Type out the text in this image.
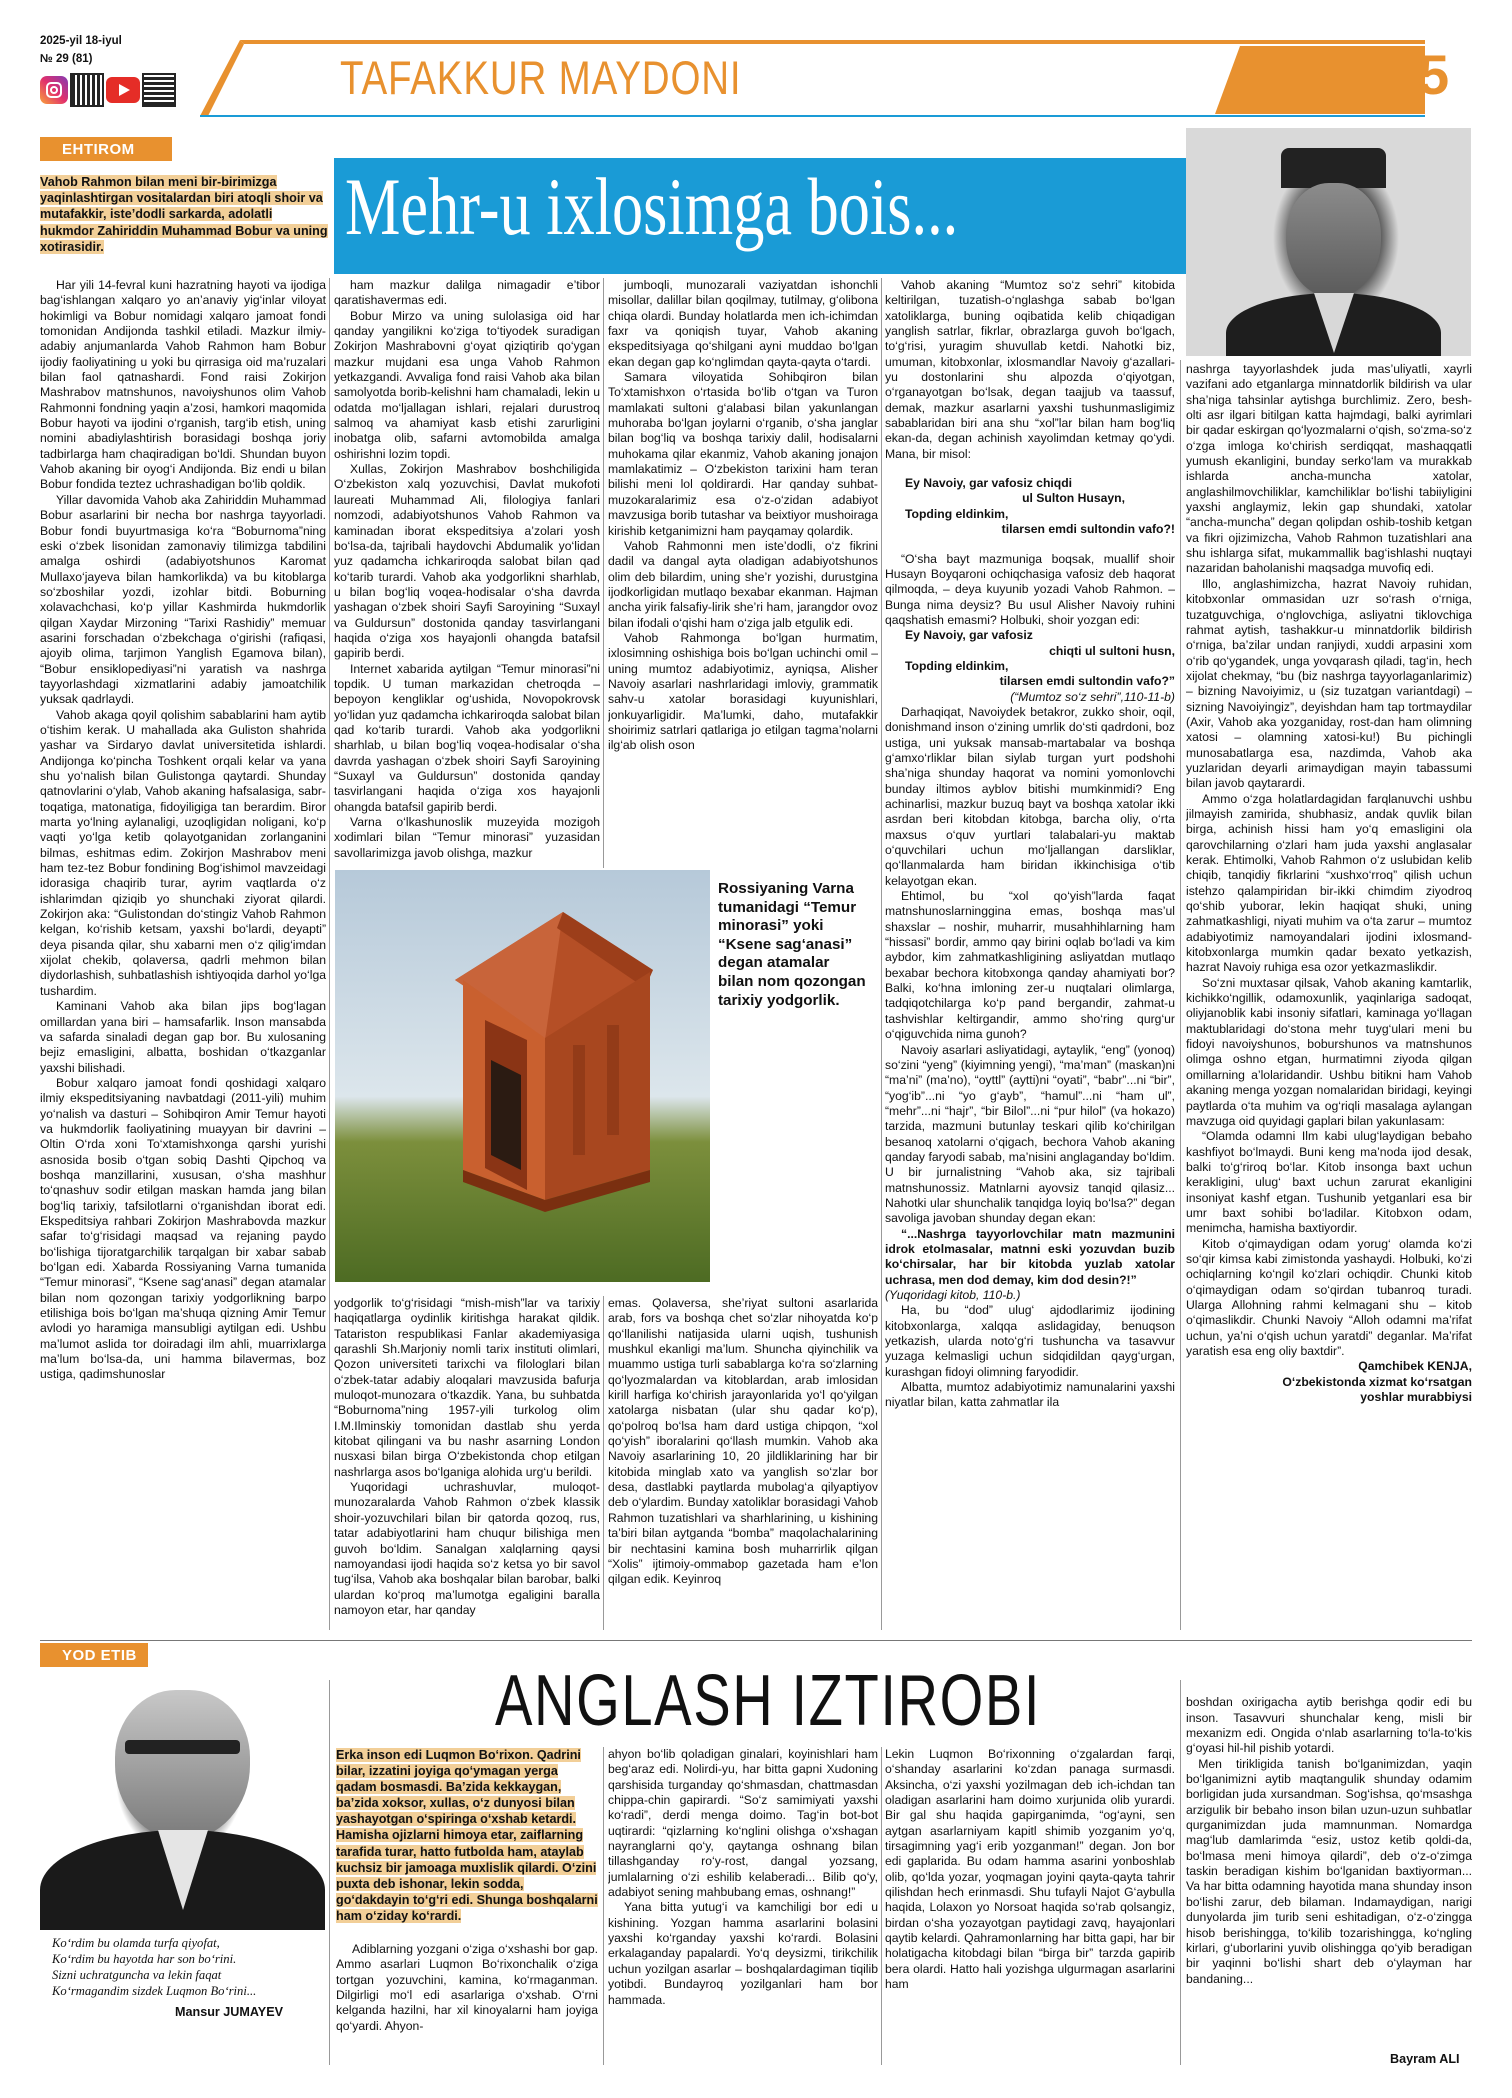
2025-yil 18-iyul
№ 29 (81)	TAFAKKUR MAYDONI	Jadid	5
EHTIROM
Vahob Rahmon bilan meni bir-birimizga yaqinlashtirgan vositalardan biri atoqli shoir va mutafakkir, iste’dodli sarkarda, adolatli hukmdor Zahiriddin Muhammad Bobur va uning xotirasidir.	Mehr-u ixlosimga bois...

Har yili 14-fevral kuni hazratning hayoti va ijodiga bag‘ishlangan xalqaro yo an’anaviy yig‘inlar viloyat hokimligi va Bobur nomidagi xalqaro jamoat fondi tomonidan Andijonda tashkil etiladi. Mazkur ilmiy-adabiy anjumanlarda Vahob Rahmon ham Bobur ijodiy faoliyatining u yoki bu qirrasiga oid ma’ruzalari bilan faol qatnashardi. Fond raisi Zokirjon Mashrabov matnshunos, navoiyshunos olim Vahob Rahmonni fondning yaqin a’zosi, hamkori maqomida Bobur hayoti va ijodini o‘rganish, targ‘ib etish, uning nomini abadiylashtirish borasidagi boshqa joriy tadbirlarga ham chaqiradigan bo‘ldi. Shundan buyon Vahob akaning bir oyog‘i Andijonda. Biz endi u bilan Bobur fondida teztez uchrashadigan bo‘lib qoldik.

Yillar davomida Vahob aka Zahiriddin Muhammad Bobur asarlarini bir necha bor nashrga tayyorladi. Bobur fondi buyurtmasiga ko‘ra “Boburnoma”ning eski o‘zbek lisonidan zamonaviy tilimizga tabdilini amalga oshirdi (adabiyotshunos Karomat Mullaxo‘jayeva bilan hamkorlikda) va bu kitoblarga so‘zboshilar yozdi, izohlar bitdi. Boburning xolavachchasi, ko‘p yillar Kashmirda hukmdorlik qilgan Xaydar Mirzoning “Tarixi Rashidiy” memuar asarini forschadan o‘zbekchaga o‘girishi (rafiqasi, ajoyib olima, tarjimon Yanglish Egamova bilan), “Bobur ensiklopediyasi”ni yaratish va nashrga tayyorlashdagi xizmatlarini adabiy jamoatchilik yuksak qadrlaydi.

Vahob akaga qoyil qolishim sabablarini ham aytib o‘tishim kerak. U mahallada aka Guliston shahrida yashar va Sirdaryo davlat universitetida ishlardi. Andijonga ko‘pincha Toshkent orqali kelar va yana shu yo‘nalish bilan Gulistonga qaytardi. Shunday qatnovlarini o‘ylab, Vahob akaning hafsalasiga, sabr-toqatiga, matonatiga, fidoyiligiga tan berardim. Biror marta yo‘lning aylanaligi, uzoqligidan noligani, ko‘p vaqti yo‘lga ketib qolayotganidan zorlanganini bilmas, eshitmas edim. Zokirjon Mashrabov meni ham tez-tez Bobur fondining Bog‘ishimol mavzeidagi idorasiga chaqirib turar, ayrim vaqtlarda o‘z ishlarimdan qiziqib yo shunchaki ziyorat qilardi. Zokirjon aka: “Gulistondan do‘stingiz Vahob Rahmon kelgan, ko‘rishib ketsam, yaxshi bo‘lardi, deyapti” deya pisanda qilar, shu xabarni men o‘z qilig‘imdan xijolat chekib, qolaversa, qadrli mehmon bilan diydorlashish, suhbatlashish ishtiyoqida darhol yo‘lga tushardim.

Kaminani Vahob aka bilan jips bog‘lagan omillardan yana biri – hamsafarlik. Inson mansabda va safarda sinaladi degan gap bor. Bu xulosaning bejiz emasligini, albatta, boshidan o‘tkazganlar yaxshi bilishadi.

Bobur xalqaro jamoat fondi qoshidagi xalqaro ilmiy ekspeditsiyaning navbatdagi (2011-yili) muhim yo‘nalish va dasturi – Sohibqiron Amir Temur hayoti va hukmdorlik faoliyatining muayyan bir davrini – Oltin O‘rda xoni To‘xtamishxonga qarshi yurishi asnosida bosib o‘tgan sobiq Dashti Qipchoq va boshqa manzillarini, xususan, o‘sha mashhur to‘qnashuv sodir etilgan maskan hamda jang bilan bog‘liq tarixiy, tafsilotlarni o‘rganishdan iborat edi. Ekspeditsiya rahbari Zokirjon Mashrabovda mazkur safar to‘g‘risidagi maqsad va rejaning paydo bo‘lishiga tijoratgarchilik tarqalgan bir xabar sabab bo‘lgan edi. Xabarda Rossiyaning Varna tumanida “Temur minorasi”, “Ksene sag‘anasi” degan atamalar bilan nom qozongan tarixiy yodgorlikning barpo etilishiga bois bo‘lgan ma’shuqa qizning Amir Temur avlodi yo haramiga mansubligi aytilgan edi. Ushbu ma’lumot aslida tor doiradagi ilm ahli, muarrixlarga ma’lum bo‘lsa-da, uni hamma bilavermas, boz ustiga, qadimshunoslar

ham mazkur dalilga nimagadir e’tibor qaratishavermas edi.

Bobur Mirzo va uning sulolasiga oid har qanday yangilikni ko‘ziga to‘tiyodek suradigan Zokirjon Mashrabovni g‘oyat qiziqtirib qo‘ygan mazkur mujdani esa unga Vahob Rahmon yetkazgandi. Avvaliga fond raisi Vahob aka bilan samolyotda borib-kelishni ham chamaladi, lekin u odatda mo‘ljallagan ishlari, rejalari durustroq salmoq va ahamiyat kasb etishi zarurligini inobatga olib, safarni avtomobilda amalga oshirishni lozim topdi.

Xullas, Zokirjon Mashrabov boshchiligida O‘zbekiston xalq yozuvchisi, Davlat mukofoti laureati Muhammad Ali, filologiya fanlari nomzodi, adabiyotshunos Vahob Rahmon va kaminadan iborat ekspeditsiya a’zolari yosh bo‘lsa-da, tajribali haydovchi Abdumalik yo‘lidan yuz qadamcha ichkariroqda salobat bilan qad ko‘tarib turardi. Vahob aka yodgorlikni sharhlab, u bilan bog‘liq voqea-hodisalar o‘sha davrda yashagan o‘zbek shoiri Sayfi Saroyining “Suxayl va Guldursun” dostonida qanday tasvirlangani haqida o‘ziga xos hayajonli ohangda batafsil gapirib berdi.

Internet xabarida aytilgan “Temur minorasi”ni topdik. U tuman markazidan chetroqda – bepoyon kengliklar og‘ushida, Novopokrovsk yo‘lidan yuz qadamcha ichkariroqda salobat bilan qad ko‘tarib turardi. Vahob aka yodgorlikni sharhlab, u bilan bog‘liq voqea-hodisalar o‘sha davrda yashagan o‘zbek shoiri Sayfi Saroyining “Suxayl va Guldursun” dostonida qanday tasvirlangani haqida o‘ziga xos hayajonli ohangda batafsil gapirib berdi.

Varna o‘lkashunoslik muzeyida mozigoh xodimlari bilan “Temur minorasi” yuzasidan savollarimizga javob olishga, mazkur

jumboqli, munozarali vaziyatdan ishonchli misollar, dalillar bilan qoqilmay, tutilmay, g‘olibona chiqa olardi. Bunday holatlarda men ich-ichimdan faxr va qoniqish tuyar, Vahob akaning ekspeditsiyaga qo‘shilgani ayni muddao bo‘lgan ekan degan gap ko‘nglimdan qayta-qayta o‘tardi.

Samara viloyatida Sohibqiron bilan To‘xtamishxon o‘rtasida bo‘lib o‘tgan va Turon mamlakati sultoni g‘alabasi bilan yakunlangan muhoraba bo‘lgan joylarni o‘rganib, o‘sha janglar bilan bog‘liq va boshqa tarixiy dalil, hodisalarni muhokama qilar ekanmiz, Vahob akaning jonajon mamlakatimiz – O‘zbekiston tarixini ham teran bilishi meni lol qoldirardi. Har qanday suhbat-muzokaralarimiz esa o‘z-o‘zidan adabiyot mavzusiga borib tutashar va beixtiyor mushoiraga kirishib ketganimizni ham payqamay qolardik.

Vahob Rahmonni men iste’dodli, o‘z fikrini dadil va dangal ayta oladigan adabiyotshunos olim deb bilardim, uning she’r yozishi, durustgina ijodkorligidan mutlaqo bexabar ekanman. Hajman ancha yirik falsafiy-lirik she’ri ham, jarangdor ovoz bilan ifodali o‘qishi ham o‘ziga jalb etgulik edi.

Vahob Rahmonga bo‘lgan hurmatim, ixlosimning oshishiga bois bo‘lgan uchinchi omil – uning mumtoz adabiyotimiz, ayniqsa, Alisher Navoiy asarlari nashrlaridagi imloviy, grammatik sahv-u xatolar borasidagi kuyunishlari, jonkuyarligidir. Ma’lumki, daho, mutafakkir shoirimiz satrlari qatlariga jo etilgan tagma’nolarni ilg‘ab olish oson

Rossiyaning Varna tumanidagi “Temur minorasi” yoki “Ksene sag‘anasi” degan atamalar bilan nom qozongan tarixiy yodgorlik.

yodgorlik to‘g‘risidagi “mish-mish”lar va tarixiy haqiqatlarga oydinlik kiritishga harakat qildik. Tatariston respublikasi Fanlar akademiyasiga qarashli Sh.Marjoniy nomli tarix instituti olimlari, Qozon universiteti tarixchi va filologlari bilan o‘zbek-tatar adabiy aloqalari mavzusida bafurja muloqot-munozara o‘tkazdik. Yana, bu suhbatda “Boburnoma”ning 1957-yili turkolog olim I.M.Ilminskiy tomonidan dastlab shu yerda kitobat qilingani va bu nashr asarning London nusxasi bilan birga O‘zbekistonda chop etilgan nashrlarga asos bo‘lganiga alohida urg‘u berildi.

Yuqoridagi uchrashuvlar, muloqot-munozaralarda Vahob Rahmon o‘zbek klassik shoir-yozuvchilari bilan bir qatorda qozoq, rus, tatar adabiyotlarini ham chuqur bilishiga men guvoh bo‘ldim. Sanalgan xalqlarning qaysi namoyandasi ijodi haqida so‘z ketsa yo bir savol tug‘ilsa, Vahob aka boshqalar bilan barobar, balki ulardan ko‘proq ma’lumotga egaligini baralla namoyon etar, har qanday

emas. Qolaversa, she’riyat sultoni asarlarida arab, fors va boshqa chet so‘zlar nihoyatda ko‘p qo‘llanilishi natijasida ularni uqish, tushunish mushkul ekanligi ma’lum. Shuncha qiyinchilik va muammo ustiga turli sabablarga ko‘ra so‘zlarning qo‘lyozmalardan va kitoblardan, arab imlosidan kirill harfiga ko‘chirish jarayonlarida yo‘l qo‘yilgan xatolarga nisbatan (ular shu qadar ko‘p), qo‘polroq bo‘lsa ham dard ustiga chipqon, “xol qo‘yish” iboralarini qo‘llash mumkin. Vahob aka Navoiy asarlarining 10, 20 jildliklarining har bir kitobida minglab xato va yanglish so‘zlar bor desa, dastlabki paytlarda mubolag‘a qilyaptiyov deb o‘ylardim. Bunday xatoliklar borasidagi Vahob Rahmon tuzatishlari va sharhlarining, u kishining ta’biri bilan aytganda “bomba” maqolachalarining bir nechtasini kamina bosh muharrirlik qilgan “Xolis” ijtimoiy-ommabop gazetada ham e’lon qilgan edik. Keyinroq

Vahob akaning “Mumtoz so‘z sehri” kitobida keltirilgan, tuzatish-o‘nglashga sabab bo‘lgan xatoliklarga, buning oqibatida kelib chiqadigan yanglish satrlar, fikrlar, obrazlarga guvoh bo‘lgach, to‘g‘risi, yuragim shuvullab ketdi. Nahotki biz, umuman, kitobxonlar, ixlosmandlar Navoiy g‘azallari-yu dostonlarini shu alpozda o‘qiyotgan, o‘rganayotgan bo‘lsak, degan taajjub va taassuf, demak, mazkur asarlarni yaxshi tushunmasligimiz sabablaridan biri ana shu “xol”lar bilan ham bog‘liq ekan-da, degan achinish xayolimdan ketmay qo‘ydi. Mana, bir misol:

Ey Navoiy, gar vafosiz chiqdi

ul Sulton Husayn,

Topding eldinkim,

tilarsen emdi sultondin vafo?!

“O‘sha bayt mazmuniga boqsak, muallif shoir Husayn Boyqaroni ochiqchasiga vafosiz deb haqorat qilmoqda, – deya kuyunib yozadi Vahob Rahmon. – Bunga nima deysiz? Bu usul Alisher Navoiy ruhini qaqshatish emasmi? Holbuki, shoir yozgan edi:

Ey Navoiy, gar vafosiz

chiqti ul sultoni husn,

Topding eldinkim,

tilarsen emdi sultondin vafo?”

(“Mumtoz so‘z sehri”,110-11-b)

Darhaqiqat, Navoiydek betakror, zukko shoir, oqil, donishmand inson o‘zining umrlik do‘sti qadrdoni, boz ustiga, uni yuksak mansab-martabalar va boshqa g‘amxo‘rliklar bilan siylab turgan yurt podshohi sha’niga shunday haqorat va nomini yomonlovchi bunday iltimos ayblov bitishi mumkinmidi? Eng achinarlisi, mazkur buzuq bayt va boshqa xatolar ikki asrdan beri kitobdan kitobga, barcha oliy, o‘rta maxsus o‘quv yurtlari talabalari-yu maktab o‘quvchilari uchun mo‘ljallangan darsliklar, qo‘llanmalarda ham biridan ikkinchisiga o‘tib kelayotgan ekan.

Ehtimol, bu “xol qo‘yish”larda faqat matnshunoslarninggina emas, boshqa mas’ul shaxslar – noshir, muharrir, musahhihlarning ham “hissasi” bordir, ammo qay birini oqlab bo‘ladi va kim aybdor, kim zahmatkashligining asliyatdan mutlaqo bexabar bechora kitobxonga qanday ahamiyati bor? Balki, ko‘hna imloning zer-u nuqtalari olimlarga, tadqiqotchilarga ko‘p pand bergandir, zahmat-u tashvishlar keltirgandir, ammo sho‘ring qurg‘ur o‘qiguvchida nima gunoh?

Navoiy asarlari asliyatidagi, aytaylik, “eng” (yonoq) so‘zini “yeng” (kiyimning yengi), “ma’man” (maskan)ni “ma’ni” (ma’no), “oyttl” (aytti)ni “oyati”, “babr”...ni “bir”, “yog‘ib”...ni “yo g‘ayb”, “hamul”...ni “ham ul”, “mehr”...ni “hajr”, “bir Bilol”...ni “pur hilol” (va hokazo) tarzida, mazmuni butunlay teskari qilib ko‘chirilgan besanoq xatolarni o‘qigach, bechora Vahob akaning qanday faryodi sabab, ma’nisini anglaganday bo‘ldim. U bir jurnalistning “Vahob aka, siz tajribali matnshunossiz. Matnlarni ayovsiz tanqid qilasiz... Nahotki ular shunchalik tanqidga loyiq bo‘lsa?” degan savoliga javoban shunday degan ekan:

“...Nashrga tayyorlovchilar matn mazmunini idrok etolmasalar, matnni eski yozuvdan buzib ko‘chirsalar, har bir kitobda yuzlab xatolar uchrasa, men dod demay, kim dod desin?!”

(Yuqoridagi kitob, 110-b.)

Ha, bu “dod” ulug‘ ajdodlarimiz ijodining kitobxonlarga, xalqqa aslidagiday, benuqson yetkazish, ularda noto‘g‘ri tushuncha va tasavvur yuzaga kelmasligi uchun sidqidildan qayg‘urgan, kurashgan fidoyi olimning faryodidir.

Albatta, mumtoz adabiyotimiz namunalarini yaxshi niyatlar bilan, katta zahmatlar ila

nashrga tayyorlashdek juda mas’uliyatli, xayrli vazifani ado etganlarga minnatdorlik bildirish va ular sha’niga tahsinlar aytishga burchlimiz. Zero, besh-olti asr ilgari bitilgan katta hajmdagi, balki ayrimlari bir qadar eskirgan qo‘lyozmalarni o‘qish, so‘zma-so‘z o‘zga imloga ko‘chirish serdiqqat, mashaqqatli yumush ekanligini, bunday serko‘lam va murakkab ishlarda ancha-muncha xatolar, anglashilmovchiliklar, kamchiliklar bo‘lishi tabiiyligini yaxshi anglaymiz, lekin gap shundaki, xatolar “ancha-muncha” degan qolipdan oshib-toshib ketgan va fikri ojizimizcha, Vahob Rahmon tuzatishlari ana shu ishlarga sifat, mukammallik bag‘ishlashi nuqtayi nazaridan baholanishi maqsadga muvofiq edi.

Illo, anglashimizcha, hazrat Navoiy ruhidan, kitobxonlar ommasidan uzr so‘rash o‘rniga, tuzatguvchiga, o‘nglovchiga, asliyatni tiklovchiga rahmat aytish, tashakkur-u minnatdorlik bildirish o‘rniga, ba’zilar undan ranjiydi, xuddi arpasini xom o‘rib qo‘ygandek, unga yovqarash qiladi, tag‘in, hech xijolat chekmay, “bu (biz nashrga tayyorlaganlarimiz) – bizning Navoiyimiz, u (siz tuzatgan variantdagi) – sizning Navoiyingiz”, deyishdan ham tap tortmaydilar (Axir, Vahob aka yozganiday, rost-dan ham olimning xatosi – olamning xatosi-ku!) Bu pichingli munosabatlarga esa, nazdimda, Vahob aka yuzlaridan deyarli arimaydigan mayin tabassumi bilan javob qaytarardi.

Ammo o‘zga holatlardagidan farqlanuvchi ushbu jilmayish zamirida, shubhasiz, andak quvlik bilan birga, achinish hissi ham yo‘q emasligini ola qarovchilarning o‘zlari ham juda yaxshi anglasalar kerak. Ehtimolki, Vahob Rahmon o‘z uslubidan kelib chiqib, tanqidiy fikrlarini “xushxo‘rroq” qilish uchun istehzo qalampiridan bir-ikki chimdim ziyodroq qo‘shib yuborar, lekin haqiqat shuki, uning zahmatkashligi, niyati muhim va o‘ta zarur – mumtoz adabiyotimiz namoyandalari ijodini ixlosmand-kitobxonlarga mumkin qadar bexato yetkazish, hazrat Navoiy ruhiga esa ozor yetkazmaslikdir.

So‘zni muxtasar qilsak, Vahob akaning kamtarlik, kichikko‘ngillik, odamoxunlik, yaqinlariga sadoqat, oliyjanoblik kabi insoniy sifatlari, kaminaga yo‘llagan maktublaridagi do‘stona mehr tuyg‘ulari meni bu fidoyi navoiyshunos, boburshunos va matnshunos olimga oshno etgan, hurmatimni ziyoda qilgan omillarning a’lolaridandir. Ushbu bitikni ham Vahob akaning menga yozgan nomalaridan biridagi, keyingi paytlarda o‘ta muhim va og‘riqli masalaga aylangan mavzuga oid quyidagi gaplari bilan yakunlasam:

“Olamda odamni Ilm kabi ulug‘laydigan bebaho kashfiyot bo‘lmaydi. Buni keng ma’noda ijod desak, balki to‘g‘riroq bo‘lar. Kitob insonga baxt uchun kerakligini, ulug‘ baxt uchun zarurat ekanligini insoniyat kashf etgan. Tushunib yetganlari esa bir umr baxt sohibi bo‘ladilar. Kitobxon odam, menimcha, hamisha baxtiyordir.

Kitob o‘qimaydigan odam yorug‘ olamda ko‘zi so‘qir kimsa kabi zimistonda yashaydi. Holbuki, ko‘zi ochiqlarning ko‘ngil ko‘zlari ochiqdir. Chunki kitob o‘qimaydigan odam so‘qirdan tubanroq turadi. Ularga Allohning rahmi kelmagani shu – kitob o‘qimaslikdir. Chunki Navoiy “Alloh odamni ma’rifat uchun, ya’ni o‘qish uchun yaratdi” deganlar. Ma’rifat yaratish esa eng oliy baxtdir”.

Qamchibek KENJA,

O‘zbekistonda xizmat ko‘rsatgan

yoshlar murabbiysi

YOD ETIB
ANGLASH IZTIROBI
Ko‘rdim bu olamda turfa qiyofat,
Ko‘rdim bu hayotda har son bo‘rini.
Sizni uchratguncha va lekin faqat
Ko‘rmagandim sizdek Luqmon Bo‘rini...
Mansur JUMAYEV
Erka inson edi Luqmon Bo‘rixon. Qadrini bilar, izzatini joyiga qo‘ymagan yerga qadam bosmasdi. Ba’zida kekkaygan, ba’zida xoksor, xullas, o‘z dunyosi bilan yashayotgan o‘spiringa o‘xshab ketardi. Hamisha ojizlarni himoya etar, zaiflarning tarafida turar, hatto futbolda ham, ataylab kuchsiz bir jamoaga muxlislik qilardi. O‘zini puxta deb ishonar, lekin sodda, go‘dakdayin to‘g‘ri edi. Shunga boshqalarni ham o‘ziday ko‘rardi.

Adiblarning yozgani o‘ziga o‘xshashi bor gap. Ammo asarlari Luqmon Bo‘rixonchalik o‘ziga tortgan yozuvchini, kamina, ko‘rmaganman. Dilgirligi mo‘l edi asarlariga o‘xshab. O‘rni kelganda hazilni, har xil kinoyalarni ham joyiga qo‘yardi. Ahyon-

ahyon bo‘lib qoladigan ginalari, koyinishlari ham beg‘araz edi. Nolirdi-yu, har bitta gapni Xudoning qarshisida turganday qo‘shmasdan, chattmasdan chippa-chin gapirardi. “So‘z samimiyati yaxshi ko‘radi”, derdi menga doimo. Tag‘in bot-bot uqtirardi: “qizlarning ko‘nglini olishga o‘xshagan nayranglarni qo‘y, qaytanga oshnang bilan tillashganday ro‘y-rost, dangal yozsang, jumlalarning o‘zi eshilib kelaberadi... Bilib qo‘y, adabiyot sening mahbubang emas, oshnang!”

Yana bitta yutug‘i va kamchiligi bor edi u kishining. Yozgan hamma asarlarini bolasini yaxshi ko‘rganday yaxshi ko‘rardi. Bolasini erkalaganday papalardi. Yo‘q deysizmi, tirikchilik uchun yozilgan asarlar – boshqalardagiman tiqilib yotibdi. Bundayroq yozilganlari ham bor hammada.

Lekin Luqmon Bo‘rixonning o‘zgalardan farqi, o‘shanday asarlarini ko‘zdan panaga surmasdi. Aksincha, o‘zi yaxshi yozilmagan deb ich-ichdan tan oladigan asarlarini ham doimo xurjunida olib yurardi. Bir gal shu haqida gapirganimda, “og‘ayni, sen aytgan asarlarniyam kapitl shimib yozganim yo‘q, tirsagimning yag‘i erib yozganman!” degan. Jon bor edi gaplarida. Bu odam hamma asarini yonboshlab olib, qo‘lda yozar, yoqmagan joyini qayta-qayta tahrir qilishdan hech erinmasdi. Shu tufayli Najot G‘aybulla haqida, Lolaxon yo Norsoat haqida so‘rab qolsangiz, birdan o‘sha yozayotgan paytidagi zavq, hayajonlari qaytib kelardi. Qahramonlarning har bitta gapi, har bir holatigacha kitobdagi bilan “birga bir” tarzda gapirib bera olardi. Hatto hali yozishga ulgurmagan asarlarini ham

boshdan oxirigacha aytib berishga qodir edi bu inson. Tasavvuri shunchalar keng, misli bir mexanizm edi. Ongida o‘nlab asarlarning to‘la-to‘kis g‘oyasi hil-hil pishib yotardi.
 Men tirikligida tanish bo‘lganimizdan, yaqin bo‘lganimizni aytib maqtangulik shunday odamim borligidan juda xursandman. Sog‘ishsa, qo‘msashga arzigulik bir bebaho inson bilan uzun-uzun suhbatlar qurganimizdan juda mamnunman. Nomardga mag‘lub damlarimda “esiz, ustoz ketib qoldi-da, bo‘lmasa meni himoya qilardi”, deb o‘z-o‘zimga taskin beradigan kishim bo‘lganidan baxtiyorman... Va har bitta odamning hayotida mana shunday inson bo‘lishi zarur, deb bilaman. Indamaydigan, narigi dunyolarda jim turib seni eshitadigan, o‘z-o‘zingga hisob berishingga, to‘kilib tozarishingga, ko‘ngling kirlari, g‘uborlarini yuvib olishingga qo‘yib beradigan bir yaqinni bo‘lishi shart deb o‘ylayman har bandaning...

Bayram ALI
